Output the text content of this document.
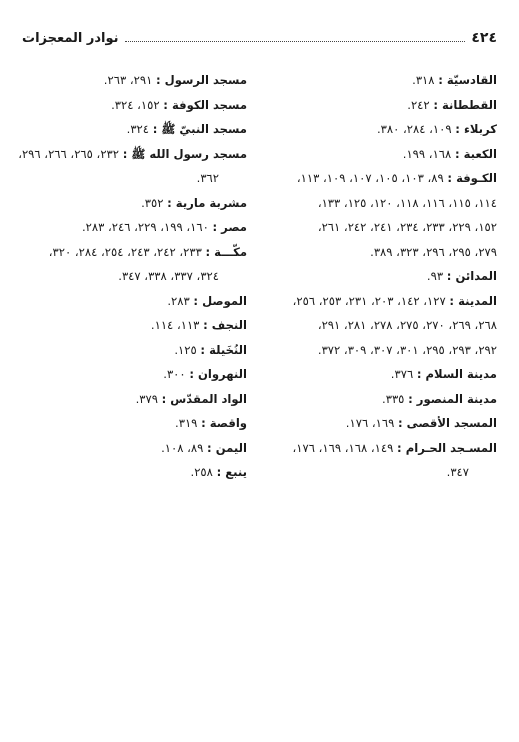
٤٢٤
نوادر المعجزات
القادسيّة : ٣١٨.
القططانة : ٢٤٢.
كربلاء : ١٠٩، ٢٨٤، ٣٨٠.
الكعبة : ١٦٨، ١٩٩.
الكـوفة : ٨٩، ١٠٣، ١٠٥، ١٠٧، ١٠٩، ١١٣،
١١٤، ١١٥، ١١٦، ١١٨، ١٢٠، ١٢٥، ١٣٣،
١٥٢، ٢٢٩، ٢٣٣، ٢٣٤، ٢٤١، ٢٤٢، ٢٦١،
٢٧٩، ٢٩٥، ٢٩٦، ٣٢٣، ٣٨٩.
المدائن : ٩٣.
المدينة : ١٢٧، ١٤٢، ٢٠٣، ٢٣١، ٢٥٣، ٢٥٦،
٢٦٨، ٢٦٩، ٢٧٠، ٢٧٥، ٢٧٨، ٢٨١، ٢٩١،
٢٩٢، ٢٩٣، ٢٩٥، ٣٠١، ٣٠٧، ٣٠٩، ٣٧٢.
مدينة السلام : ٣٧٦.
مدينة المنصور : ٣٣٥.
المسجد الأقصى : ١٦٩، ١٧٦.
المسـجد الحـرام : ١٤٩، ١٦٨، ١٦٩، ١٧٦،
٣٤٧.
مسجد الرسول : ٢٩١، ٢٦٣.
مسجد الكوفة : ١٥٢، ٣٢٤.
مسجد النبيّ ﷺ : ٣٢٤.
مسجد رسول الله ﷺ : ٢٣٢، ٢٦٥، ٢٦٦، ٢٩٦،
٣٦٢.
مشربة مارية : ٣٥٢.
مصر : ١٦٠، ١٩٩، ٢٢٩، ٢٤٦، ٢٨٣.
مكّـــة : ٢٣٣، ٢٤٢، ٢٤٣، ٢٥٤، ٢٨٤، ٣٢٠،
٣٢٤، ٣٣٧، ٣٣٨، ٣٤٧.
الموصل : ٢٨٣.
النجف : ١١٣، ١١٤.
النُخَيلة : ١٢٥.
النهروان : ٣٠٠.
الواد المقدّس : ٣٧٩.
واقصة : ٣١٩.
اليمن : ٨٩، ١٠٨.
ينبع : ٢٥٨.
